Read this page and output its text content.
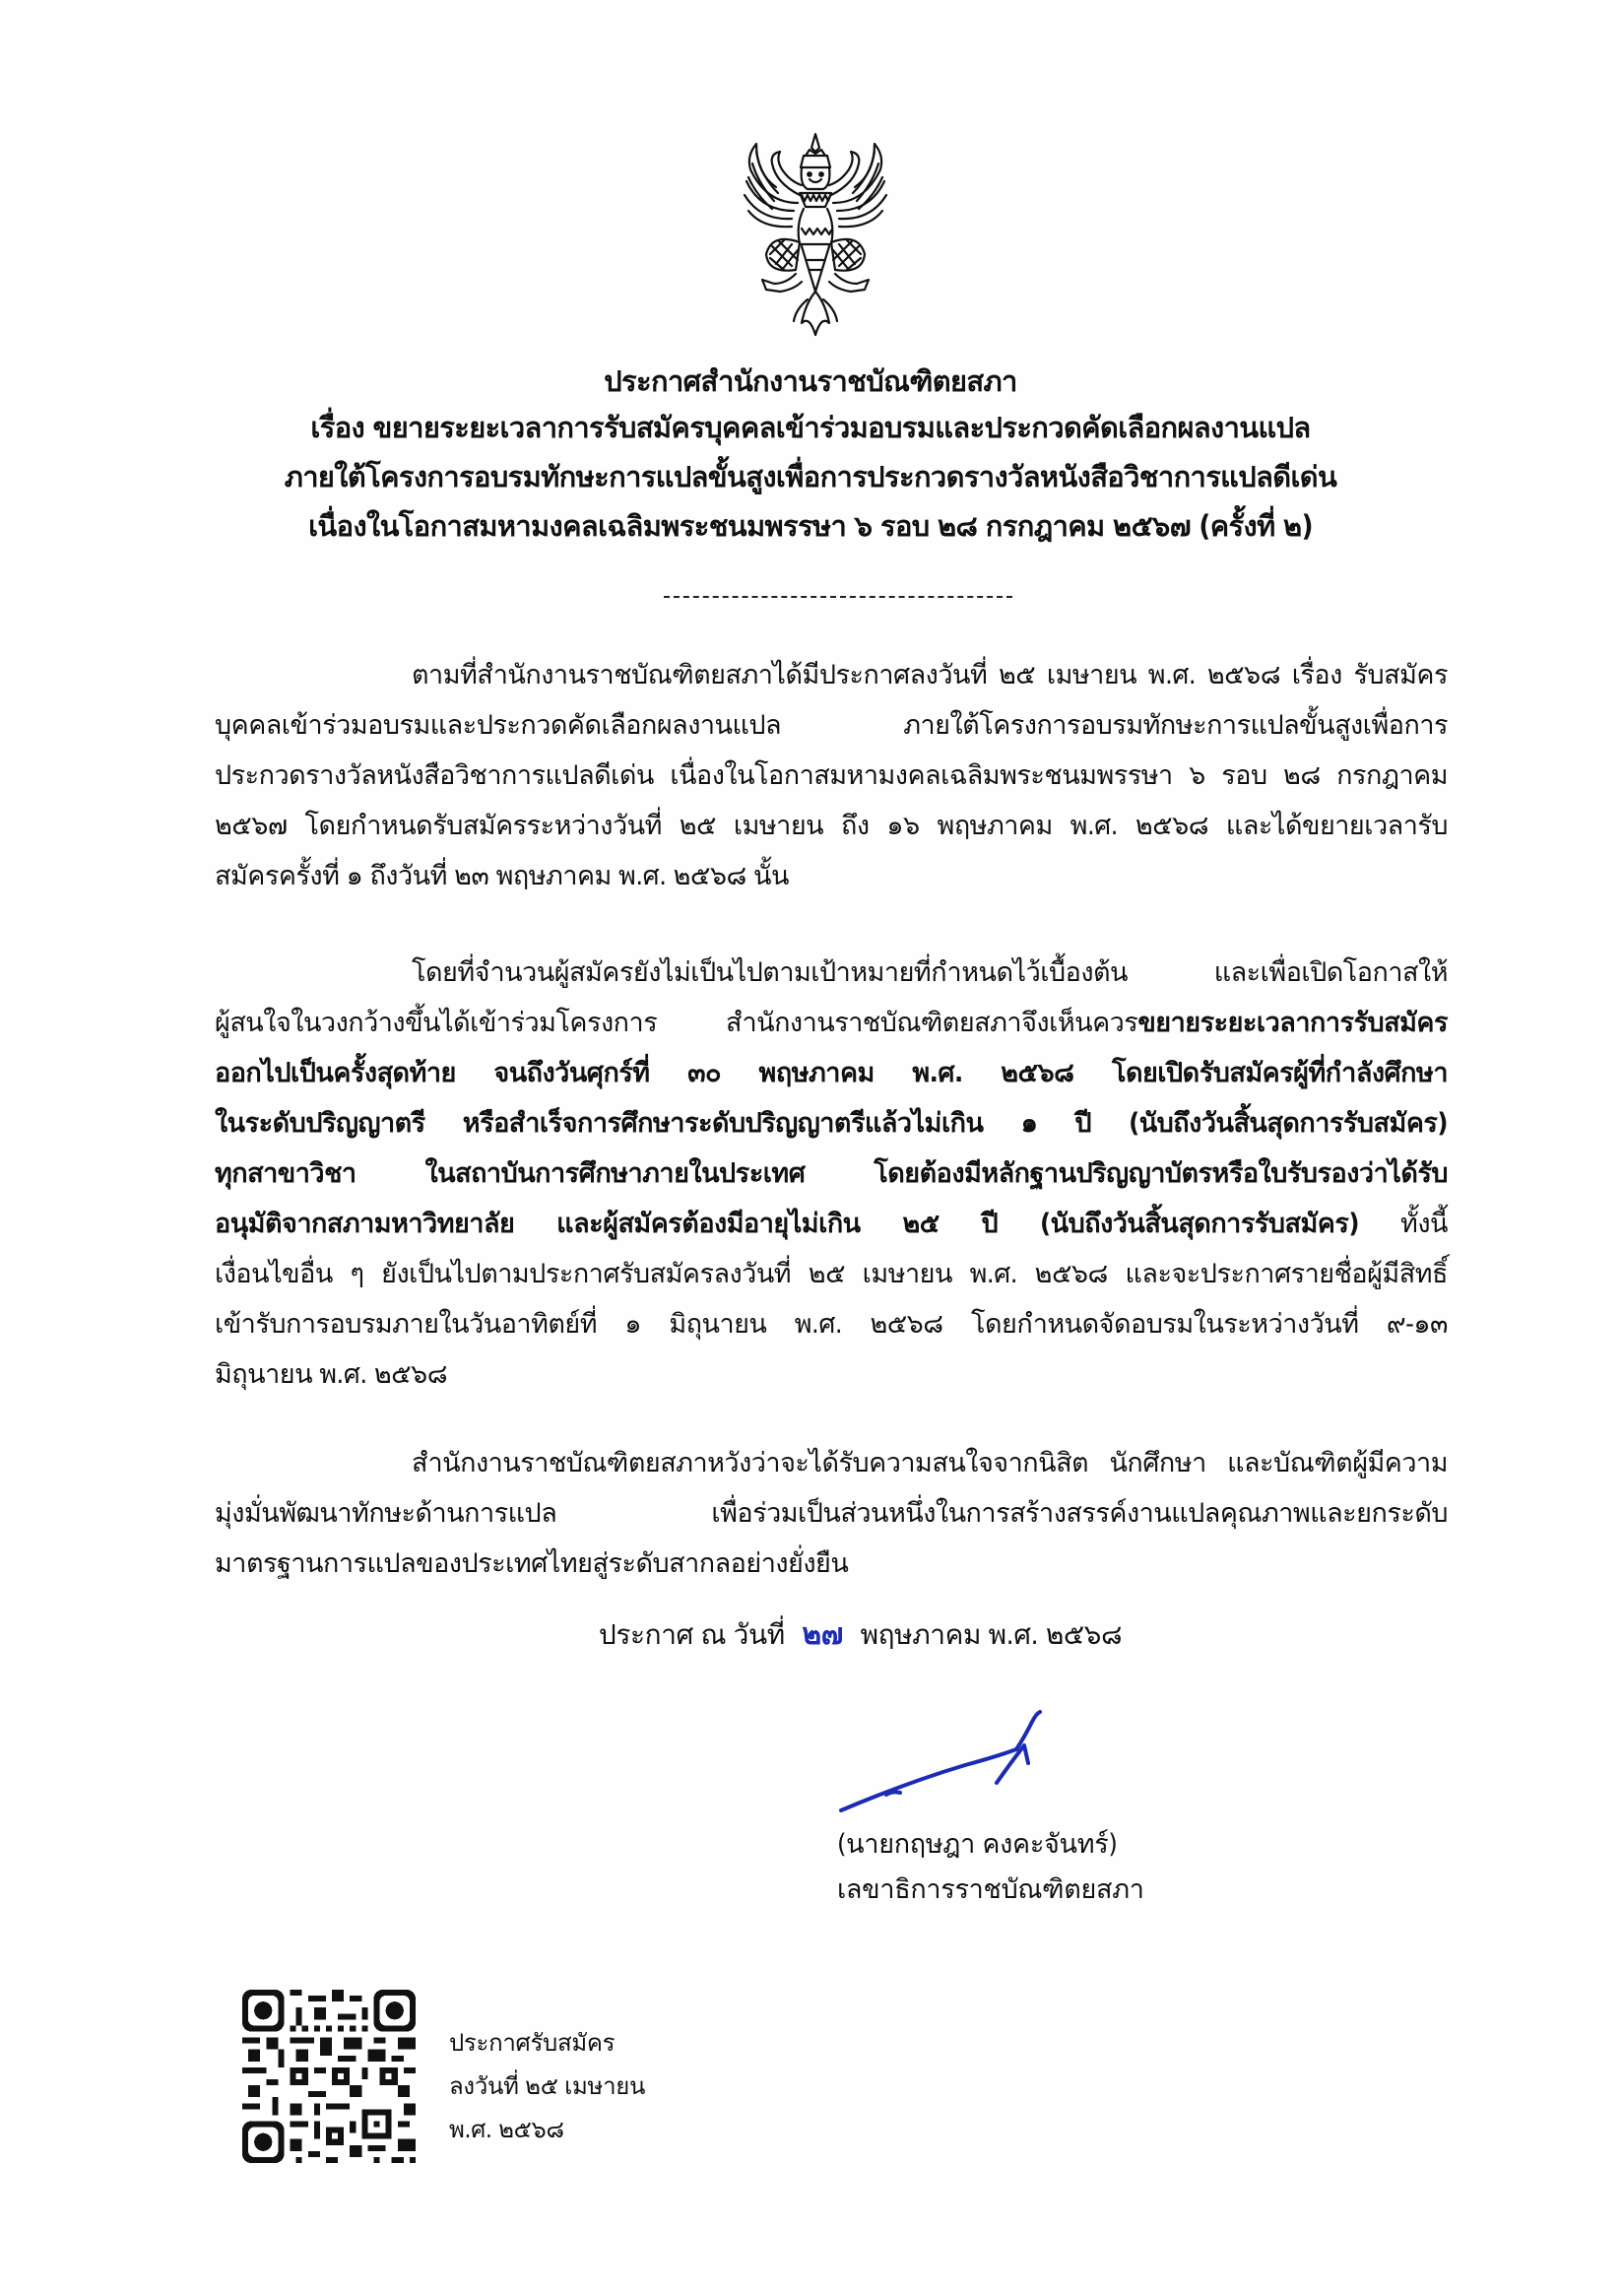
ประกาศสำนักงานราชบัณฑิตยสภา
เรื่อง ขยายระยะเวลาการรับสมัครบุคคลเข้าร่วมอบรมและประกวดคัดเลือกผลงานแปล
ภายใต้โครงการอบรมทักษะการแปลขั้นสูงเพื่อการประกวดรางวัลหนังสือวิชาการแปลดีเด่น
เนื่องในโอกาสมหามงคลเฉลิมพระชนมพรรษา ๖ รอบ ๒๘ กรกฎาคม ๒๕๖๗ (ครั้งที่ ๒)
ตามที่สำนักงานราชบัณฑิตยสภาได้มีประกาศลงวันที่ ๒๕ เมษายน พ.ศ. ๒๕๖๘ เรื่อง รับสมัคร
บุคคลเข้าร่วมอบรมและประกวดคัดเลือกผลงานแปล ภายใต้โครงการอบรมทักษะการแปลขั้นสูงเพื่อการ
ประกวดรางวัลหนังสือวิชาการแปลดีเด่น เนื่องในโอกาสมหามงคลเฉลิมพระชนมพรรษา ๖ รอบ ๒๘ กรกฎาคม
๒๕๖๗ โดยกำหนดรับสมัครระหว่างวันที่ ๒๕ เมษายน ถึง ๑๖ พฤษภาคม พ.ศ. ๒๕๖๘ และได้ขยายเวลารับ
สมัครครั้งที่ ๑ ถึงวันที่ ๒๓ พฤษภาคม พ.ศ. ๒๕๖๘ นั้น
โดยที่จำนวนผู้สมัครยังไม่เป็นไปตามเป้าหมายที่กำหนดไว้เบื้องต้น และเพื่อเปิดโอกาสให้
ผู้สนใจในวงกว้างขึ้นได้เข้าร่วมโครงการ สำนักงานราชบัณฑิตยสภาจึงเห็นควรขยายระยะเวลาการรับสมัคร
ออกไปเป็นครั้งสุดท้าย จนถึงวันศุกร์ที่ ๓๐ พฤษภาคม พ.ศ. ๒๕๖๘ โดยเปิดรับสมัครผู้ที่กำลังศึกษา
ในระดับปริญญาตรี หรือสำเร็จการศึกษาระดับปริญญาตรีแล้วไม่เกิน ๑ ปี (นับถึงวันสิ้นสุดการรับสมัคร)
ทุกสาขาวิชา ในสถาบันการศึกษาภายในประเทศ โดยต้องมีหลักฐานปริญญาบัตรหรือใบรับรองว่าได้รับ
อนุมัติจากสภามหาวิทยาลัย และผู้สมัครต้องมีอายุไม่เกิน ๒๕ ปี (นับถึงวันสิ้นสุดการรับสมัคร) ทั้งนี้
เงื่อนไขอื่น ๆ ยังเป็นไปตามประกาศรับสมัครลงวันที่ ๒๕ เมษายน พ.ศ. ๒๕๖๘ และจะประกาศรายชื่อผู้มีสิทธิ์
เข้ารับการอบรมภายในวันอาทิตย์ที่ ๑ มิถุนายน พ.ศ. ๒๕๖๘ โดยกำหนดจัดอบรมในระหว่างวันที่ ๙-๑๓
มิถุนายน พ.ศ. ๒๕๖๘
สำนักงานราชบัณฑิตยสภาหวังว่าจะได้รับความสนใจจากนิสิต นักศึกษา และบัณฑิตผู้มีความ
มุ่งมั่นพัฒนาทักษะด้านการแปล เพื่อร่วมเป็นส่วนหนึ่งในการสร้างสรรค์งานแปลคุณภาพและยกระดับ
มาตรฐานการแปลของประเทศไทยสู่ระดับสากลอย่างยั่งยืน
ประกาศ ณ วันที่ ๒๗ พฤษภาคม พ.ศ. ๒๕๖๘
(นายกฤษฎา คงคะจันทร์)
เลขาธิการราชบัณฑิตยสภา
ประกาศรับสมัคร
ลงวันที่ ๒๕ เมษายน
พ.ศ. ๒๕๖๘
